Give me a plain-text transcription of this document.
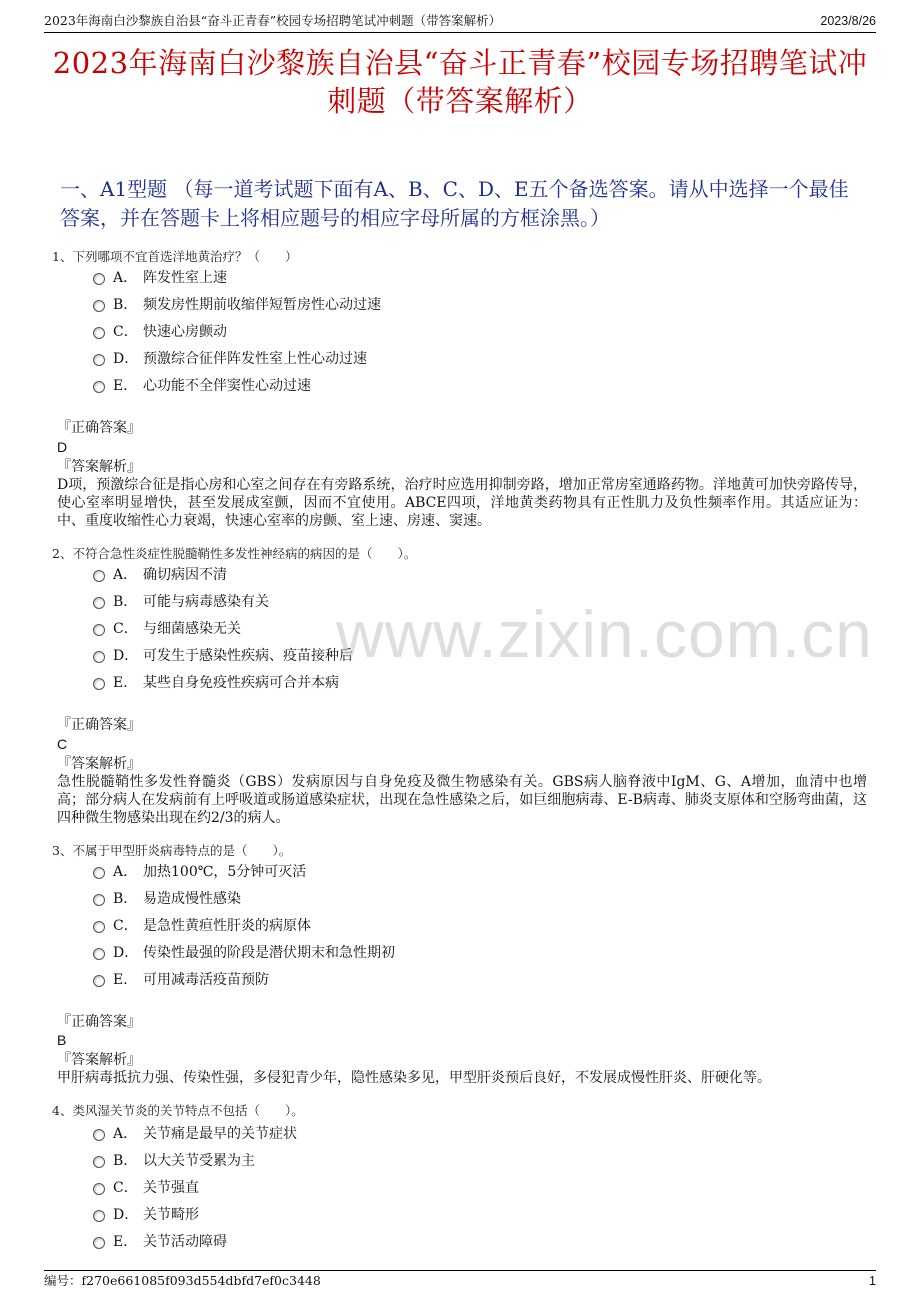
2023年海南白沙黎族自治县“奋斗正青春”校园专场招聘笔试冲刺题（带答案解析）	2023/8/26
2023年海南白沙黎族自治县“奋斗正青春”校园专场招聘笔试冲刺题（带答案解析）
一、A1型题 （每一道考试题下面有A、B、C、D、E五个备选答案。请从中选择一个最佳答案，并在答题卡上将相应题号的相应字母所属的方框涂黑。）
1、下列哪项不宜首选洋地黄治疗？（　　）
A． 阵发性室上速
B． 频发房性期前收缩伴短暂房性心动过速
C． 快速心房颤动
D． 预激综合征伴阵发性室上性心动过速
E． 心功能不全伴窦性心动过速
『正确答案』
D
『答案解析』
D项，预激综合征是指心房和心室之间存在有旁路系统，治疗时应选用抑制旁路，增加正常房室通路药物。洋地黄可加快旁路传导，使心室率明显增快，甚至发展成室颤，因而不宜使用。ABCE四项，洋地黄类药物具有正性肌力及负性频率作用。其适应证为：中、重度收缩性心力衰竭，快速心室率的房颤、室上速、房速、窦速。
2、不符合急性炎症性脱髓鞘性多发性神经病的病因的是（　　）。
A． 确切病因不清
B． 可能与病毒感染有关
C． 与细菌感染无关
D． 可发生于感染性疾病、疫苗接种后
E． 某些自身免疫性疾病可合并本病
『正确答案』
C
『答案解析』
急性脱髓鞘性多发性脊髓炎（GBS）发病原因与自身免疫及微生物感染有关。GBS病人脑脊液中IgM、G、A增加，血清中也增高；部分病人在发病前有上呼吸道或肠道感染症状，出现在急性感染之后，如巨细胞病毒、E-B病毒、肺炎支原体和空肠弯曲菌，这四种微生物感染出现在约2/3的病人。
3、不属于甲型肝炎病毒特点的是（　　）。
A． 加热100℃，5分钟可灭活
B． 易造成慢性感染
C． 是急性黄疸性肝炎的病原体
D． 传染性最强的阶段是潜伏期末和急性期初
E． 可用减毒活疫苗预防
『正确答案』
B
『答案解析』
甲肝病毒抵抗力强、传染性强，多侵犯青少年，隐性感染多见，甲型肝炎预后良好，不发展成慢性肝炎、肝硬化等。
4、类风湿关节炎的关节特点不包括（　　）。
A． 关节痛是最早的关节症状
B． 以大关节受累为主
C． 关节强直
D． 关节畸形
E． 关节活动障碍
www.zixin.com.cn
编号：f270e661085f093d554dbfd7ef0c3448	1
